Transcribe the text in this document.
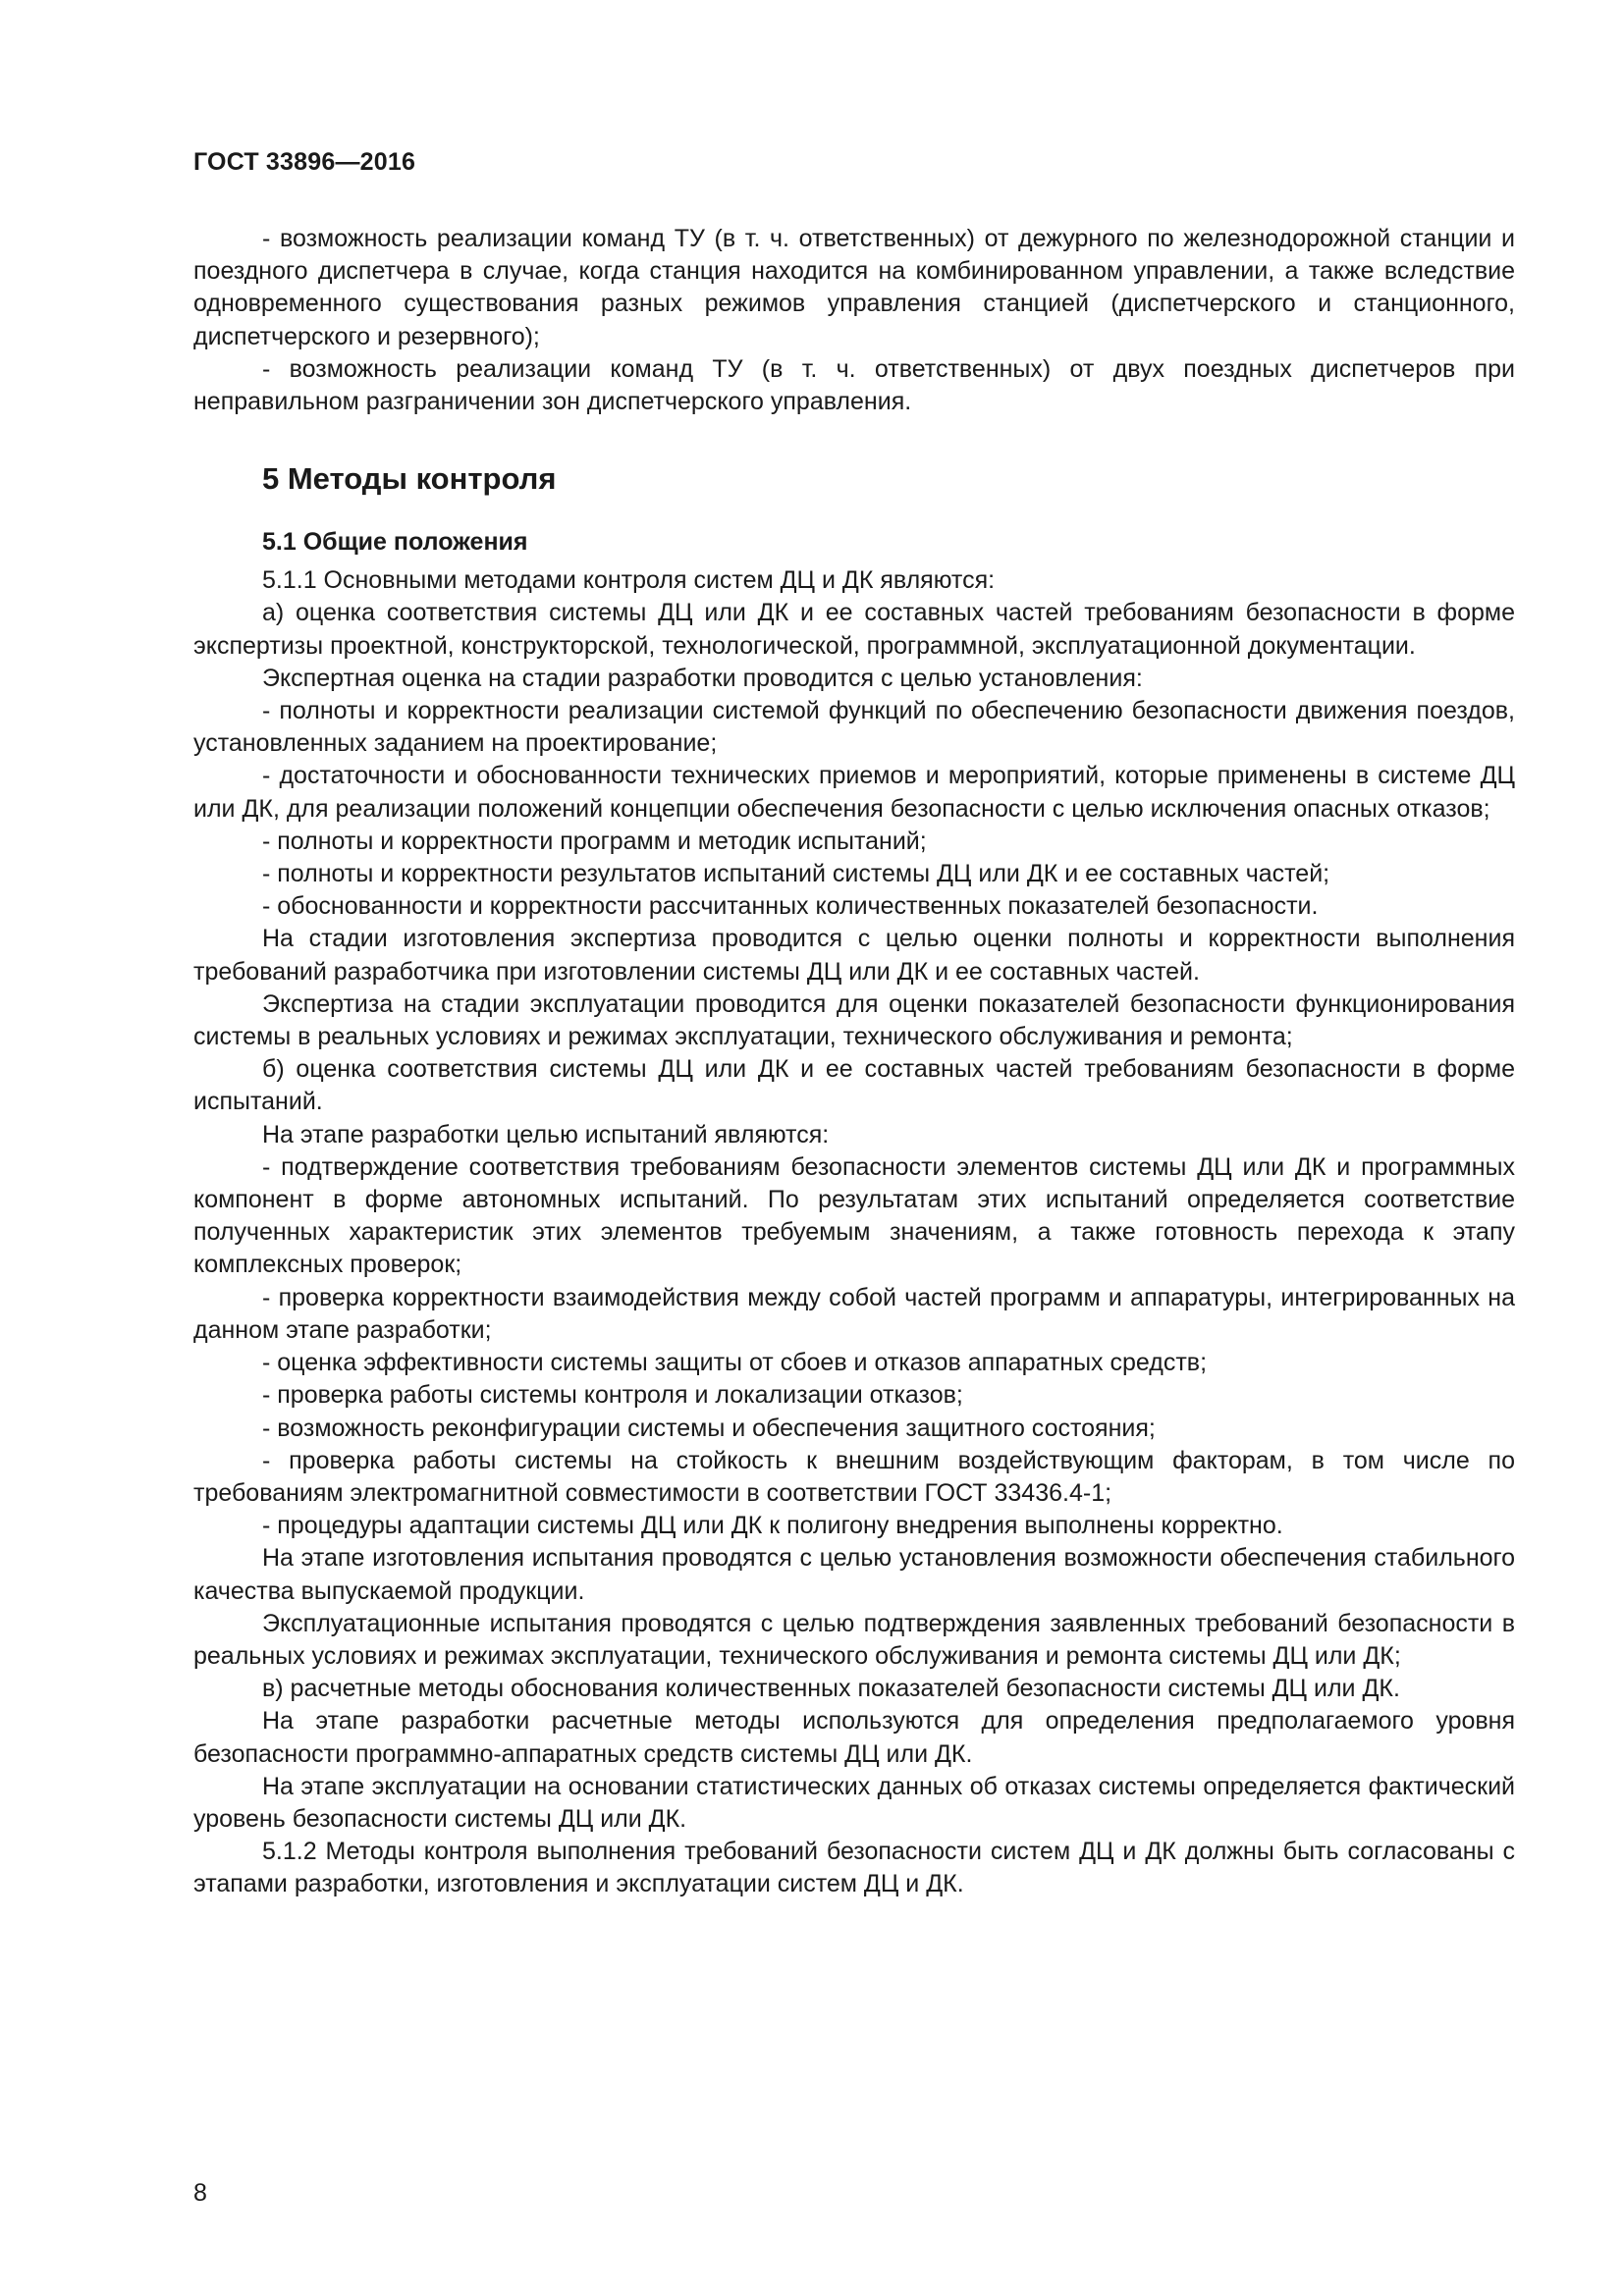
ГОСТ 33896—2016

- возможность реализации команд ТУ (в т. ч. ответственных) от дежурного по железнодорожной станции и поездного диспетчера в случае, когда станция находится на комбинированном управлении, а также вследствие одновременного существования разных режимов управления станцией (диспетчерского и станционного, диспетчерского и резервного);

- возможность реализации команд ТУ (в т. ч. ответственных) от двух поездных диспетчеров при неправильном разграничении зон диспетчерского управления.

5 Методы контроля
5.1 Общие положения

5.1.1 Основными методами контроля систем ДЦ и ДК являются:

а) оценка соответствия системы ДЦ или ДК и ее составных частей требованиям безопасности в форме экспертизы проектной, конструкторской, технологической, программной, эксплуатационной документации.

Экспертная оценка на стадии разработки проводится с целью установления:

- полноты и корректности реализации системой функций по обеспечению безопасности движения поездов, установленных заданием на проектирование;

- достаточности и обоснованности технических приемов и мероприятий, которые применены в системе ДЦ или ДК, для реализации положений концепции обеспечения безопасности с целью исключения опасных отказов;

- полноты и корректности программ и методик испытаний;

- полноты и корректности результатов испытаний системы ДЦ или ДК и ее составных частей;

- обоснованности и корректности рассчитанных количественных показателей безопасности.

На стадии изготовления экспертиза проводится с целью оценки полноты и корректности выполнения требований разработчика при изготовлении системы ДЦ или ДК и ее составных частей.

Экспертиза на стадии эксплуатации проводится для оценки показателей безопасности функционирования системы в реальных условиях и режимах эксплуатации, технического обслуживания и ремонта;

б) оценка соответствия системы ДЦ или ДК и ее составных частей требованиям безопасности в форме испытаний.

На этапе разработки целью испытаний являются:

- подтверждение соответствия требованиям безопасности элементов системы ДЦ или ДК и программных компонент в форме автономных испытаний. По результатам этих испытаний определяется соответствие полученных характеристик этих элементов требуемым значениям, а также готовность перехода к этапу комплексных проверок;

- проверка корректности взаимодействия между собой частей программ и аппаратуры, интегрированных на данном этапе разработки;

- оценка эффективности системы защиты от сбоев и отказов аппаратных средств;

- проверка работы системы контроля и локализации отказов;

- возможность реконфигурации системы и обеспечения защитного состояния;

- проверка работы системы на стойкость к внешним воздействующим факторам, в том числе по требованиям электромагнитной совместимости в соответствии ГОСТ 33436.4-1;

- процедуры адаптации системы ДЦ или ДК к полигону внедрения выполнены корректно.

На этапе изготовления испытания проводятся с целью установления возможности обеспечения стабильного качества выпускаемой продукции.

Эксплуатационные испытания проводятся с целью подтверждения заявленных требований безопасности в реальных условиях и режимах эксплуатации, технического обслуживания и ремонта системы ДЦ или ДК;

в) расчетные методы обоснования количественных показателей безопасности системы ДЦ или ДК.

На этапе разработки расчетные методы используются для определения предполагаемого уровня безопасности программно-аппаратных средств системы ДЦ или ДК.

На этапе эксплуатации на основании статистических данных об отказах системы определяется фактический уровень безопасности системы ДЦ или ДК.

5.1.2 Методы контроля выполнения требований безопасности систем ДЦ и ДК должны быть согласованы с этапами разработки, изготовления и эксплуатации систем ДЦ и ДК.

8
